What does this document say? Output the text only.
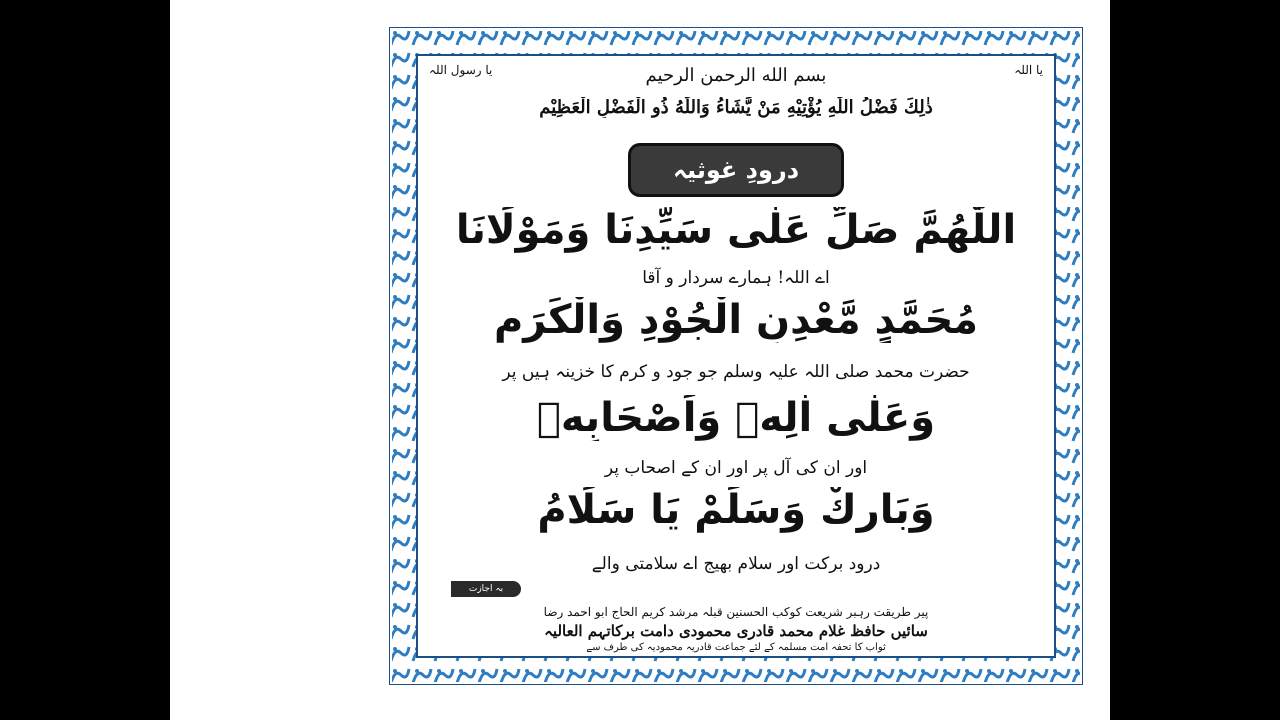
یا اللہ
یا رسول اللہ	بسم الله الرحمن الرحيم
ذٰلِكَ فَضْلُ اللّٰهِ يُؤْتِيْهِ مَنْ يَّشَاءُ وَاللّٰهُ ذُو الْفَضْلِ الْعَظِيْمِ
درودِ غوثیہ
اللّٰهُمَّ صَلِّ عَلٰى سَيِّدِنَا وَمَوْلَانَا
اے اللہ! ہمارے سردار و آقا
مُحَمَّدٍ مَّعْدِنِ الْجُوْدِ وَالْكَرَمِ
حضرت محمد صلی اللہ علیہ وسلم جو جود و کرم کا خزینہ ہیں پر
وَعَلٰى اٰلِهٖ وَاَصْحَابِهٖ
اور ان کی آل پر اور ان کے اصحاب پر
وَبَارِكْ وَسَلِّمْ يَا سَلَامُ
درود برکت اور سلام بھیج اے سلامتی والے
بہ اجازت
پیر طریقت رہبر شریعت کوکب الحسنین قبلہ مرشد کریم الحاج ابو احمد رضا
سائیں حافظ غلام محمد قادری محمودی دامت برکاتہم العالیہ
ثواب کا تحفہ امت مسلمہ کے لئے جماعت قادریہ محمودیہ کی طرف سے
